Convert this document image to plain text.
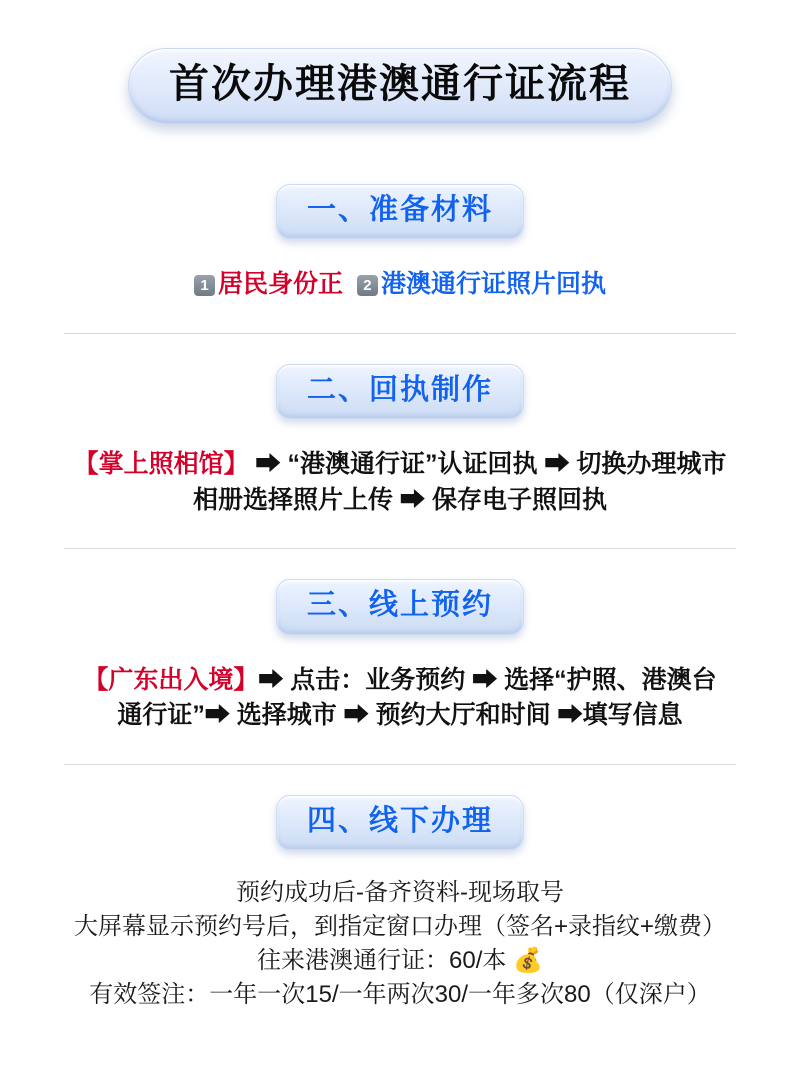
首次办理港澳通行证流程
一、准备材料
1 居民身份正 2 港澳通行证照片回执
二、回执制作
【掌上照相馆】 ➡ “港澳通行证”认证回执 ➡ 切换办理城市
相册选择照片上传 ➡ 保存电子照回执
三、线上预约
【广东出入境】➡ 点击：业务预约 ➡ 选择“护照、港澳台
通行证”➡ 选择城市 ➡ 预约大厅和时间 ➡填写信息
四、线下办理
预约成功后-备齐资料-现场取号
大屏幕显示预约号后，到指定窗口办理（签名+录指纹+缴费）
往来港澳通行证：60/本 💰
有效签注：一年一次15/一年两次30/一年多次80（仅深户）
